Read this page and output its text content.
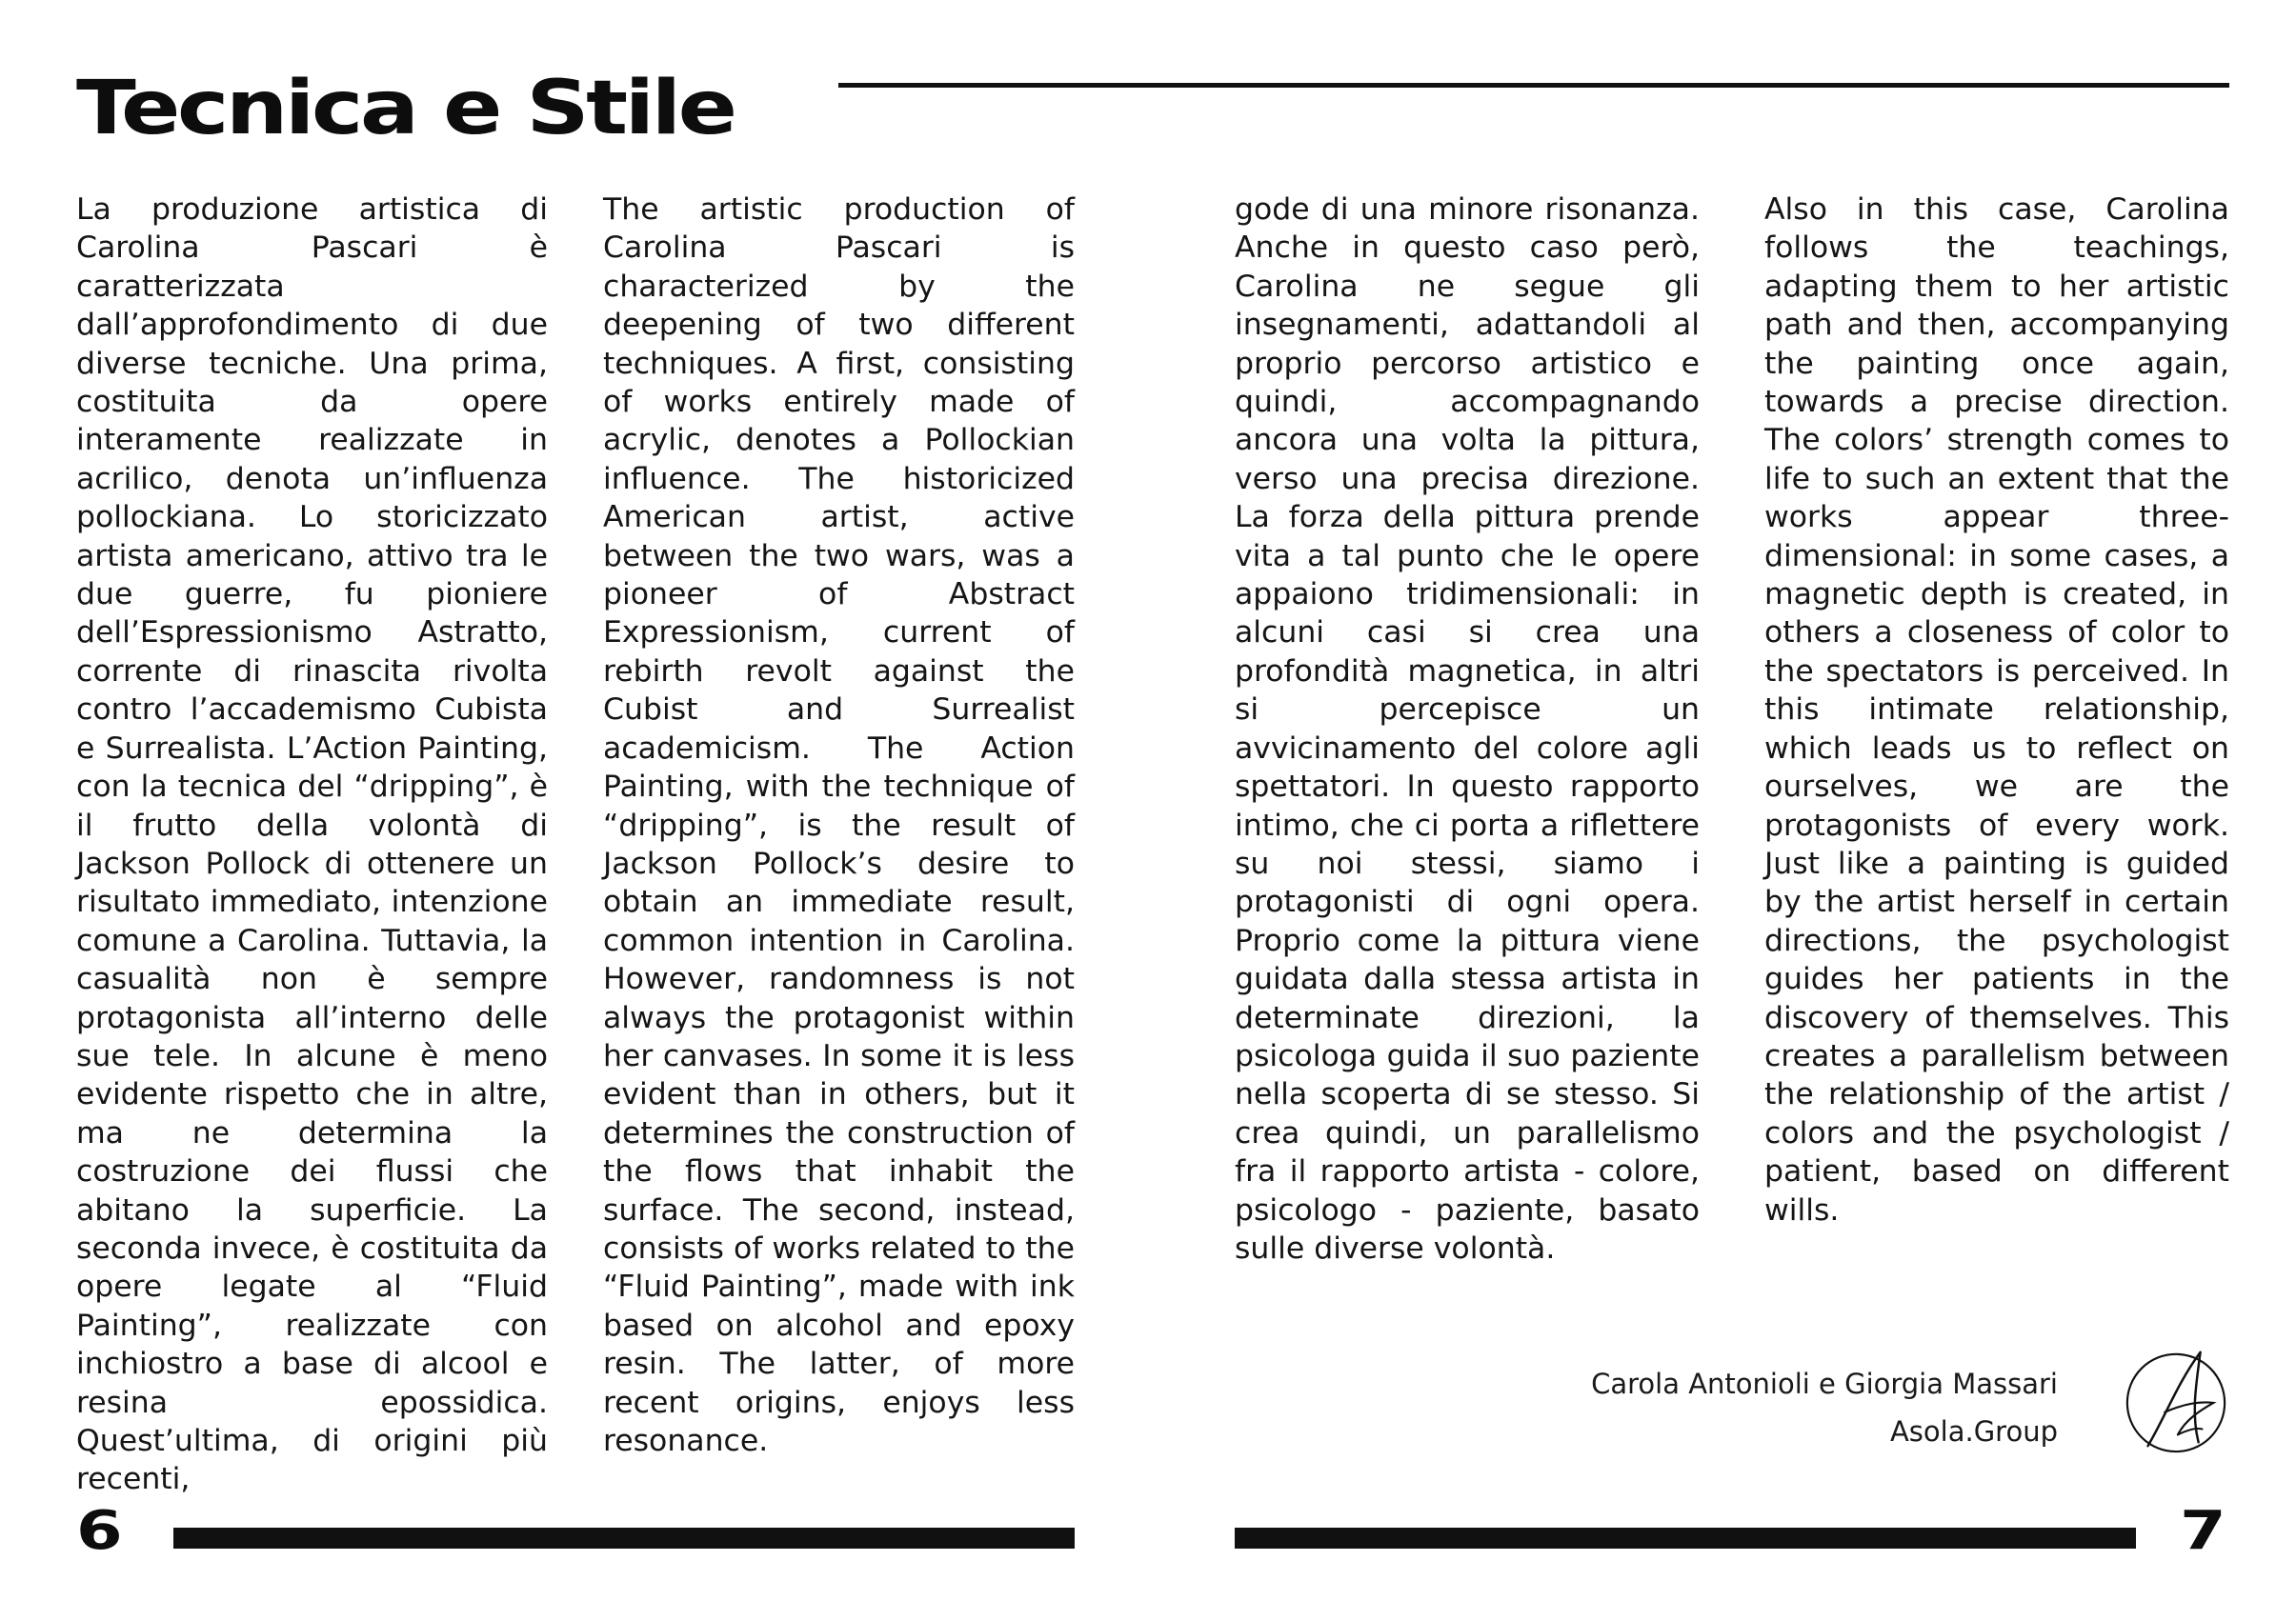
Tecnica e Stile
La produzione artistica di Carolina Pascari è caratterizzata dall’approfondimento di due diverse tecniche. Una prima, costituita da opere interamente realizzate in acrilico, denota un’influenza pollockiana. Lo storicizzato artista americano, attivo tra le due guerre, fu pioniere dell’Espressionismo Astratto, corrente di rinascita rivolta contro l’accademismo Cubista e Surrealista. L’Action Painting, con la tecnica del “dripping”, è il frutto della volontà di Jackson Pollock di ottenere un risultato immediato, intenzione comune a Carolina. Tuttavia, la casualità non è sempre protagonista all’interno delle sue tele. In alcune è meno evidente rispetto che in altre, ma ne determina la costruzione dei flussi che abitano la superficie. La seconda invece, è costituita da opere legate al “Fluid Painting”, realizzate con inchiostro a base di alcool e resina epossidica. Quest’ultima, di origini più recenti,
The artistic production of Carolina Pascari is characterized by the deepening of two different techniques. A first, consisting of works entirely made of acrylic, denotes a Pollockian influence. The historicized American artist, active between the two wars, was a pioneer of Abstract Expressionism, current of rebirth revolt against the Cubist and Surrealist academicism. The Action Painting, with the technique of “dripping”, is the result of Jackson Pollock’s desire to obtain an immediate result, common intention in Carolina. However, randomness is not always the protagonist within her canvases. In some it is less evident than in others, but it determines the construction of the flows that inhabit the surface. The second, instead, consists of works related to the “Fluid Painting”, made with ink based on alcohol and epoxy resin. The latter, of more recent origins, enjoys less resonance.
gode di una minore risonanza. Anche in questo caso però, Carolina ne segue gli insegnamenti, adattandoli al proprio percorso artistico e quindi, accompagnando ancora una volta la pittura, verso una precisa direzione. La forza della pittura prende vita a tal punto che le opere appaiono tridimensionali: in alcuni casi si crea una profondità magnetica, in altri si percepisce un avvicinamento del colore agli spettatori. In questo rapporto intimo, che ci porta a riflettere su noi stessi, siamo i protagonisti di ogni opera. Proprio come la pittura viene guidata dalla stessa artista in determinate direzioni, la psicologa guida il suo paziente nella scoperta di se stesso. Si crea quindi, un parallelismo fra il rapporto artista - colore, psicologo - paziente, basato sulle diverse volontà.
Also in this case, Carolina follows the teachings, adapting them to her artistic path and then, accompanying the painting once again, towards a precise direction. The colors’ strength comes to life to such an extent that the works appear three-dimensional: in some cases, a magnetic depth is created, in others a closeness of color to the spectators is perceived. In this intimate relationship, which leads us to reflect on ourselves, we are the protagonists of every work. Just like a painting is guided by the artist herself in certain directions, the psychologist guides her patients in the discovery of themselves. This creates a parallelism between the relationship of the artist / colors and the psychologist / patient, based on different wills.
Carola Antonioli e Giorgia Massari
Asola.Group
6	7
